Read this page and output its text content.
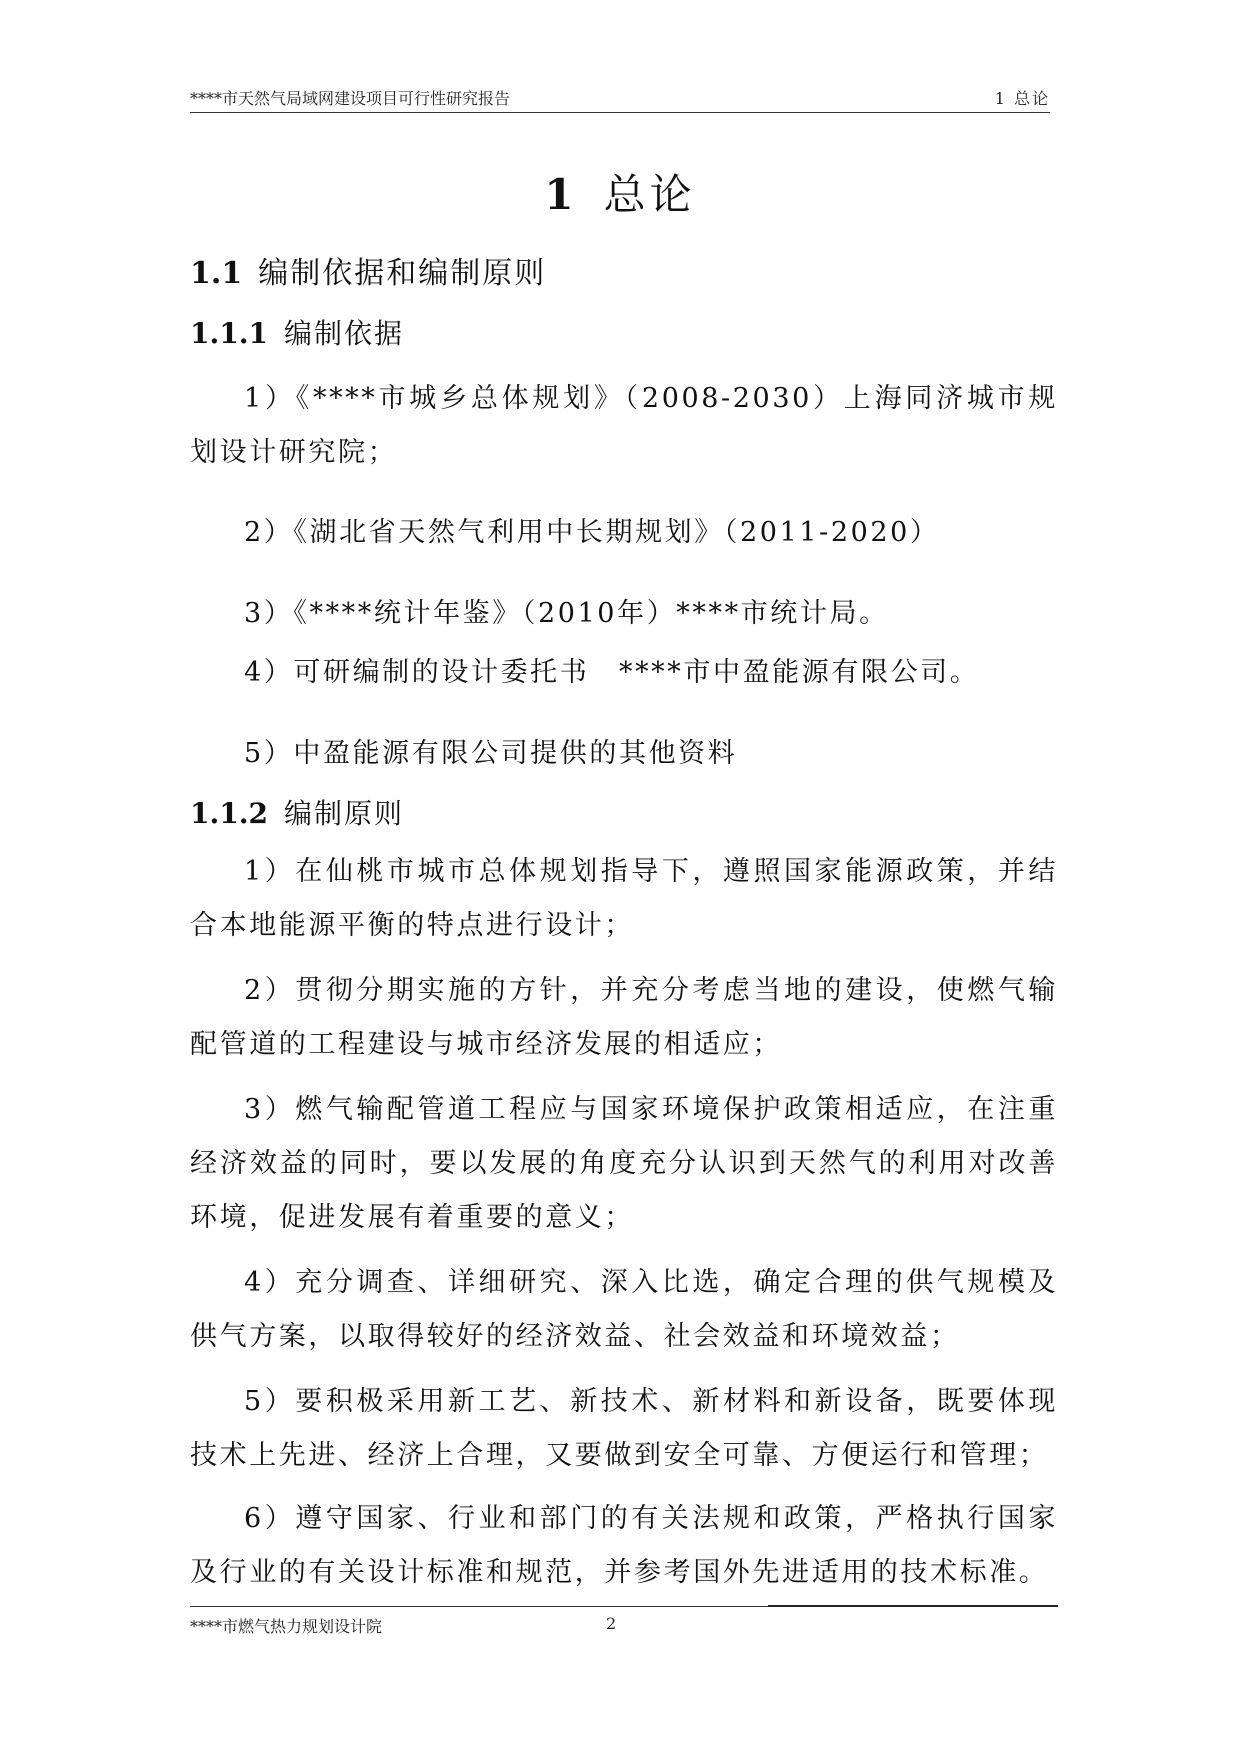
****市天然气局域网建设项目可行性研究报告	1 总论
1 总论
1.1 编制依据和编制原则
1.1.1 编制依据

1）《****市城乡总体规划》（2008-2030）上海同济城市规划设计研究院；

2）《湖北省天然气利用中长期规划》（2011-2020）

3）《****统计年鉴》（2010年）****市统计局。

4）可研编制的设计委托书　****市中盈能源有限公司。

5）中盈能源有限公司提供的其他资料

1.1.2 编制原则

1）在仙桃市城市总体规划指导下，遵照国家能源政策，并结合本地能源平衡的特点进行设计；

2）贯彻分期实施的方针，并充分考虑当地的建设，使燃气输配管道的工程建设与城市经济发展的相适应；

3）燃气输配管道工程应与国家环境保护政策相适应，在注重经济效益的同时，要以发展的角度充分认识到天然气的利用对改善环境，促进发展有着重要的意义；

4）充分调查、详细研究、深入比选，确定合理的供气规模及供气方案，以取得较好的经济效益、社会效益和环境效益；

5）要积极采用新工艺、新技术、新材料和新设备，既要体现技术上先进、经济上合理，又要做到安全可靠、方便运行和管理；

6）遵守国家、行业和部门的有关法规和政策，严格执行国家及行业的有关设计标准和规范，并参考国外先进适用的技术标准。

****市燃气热力规划设计院	2
